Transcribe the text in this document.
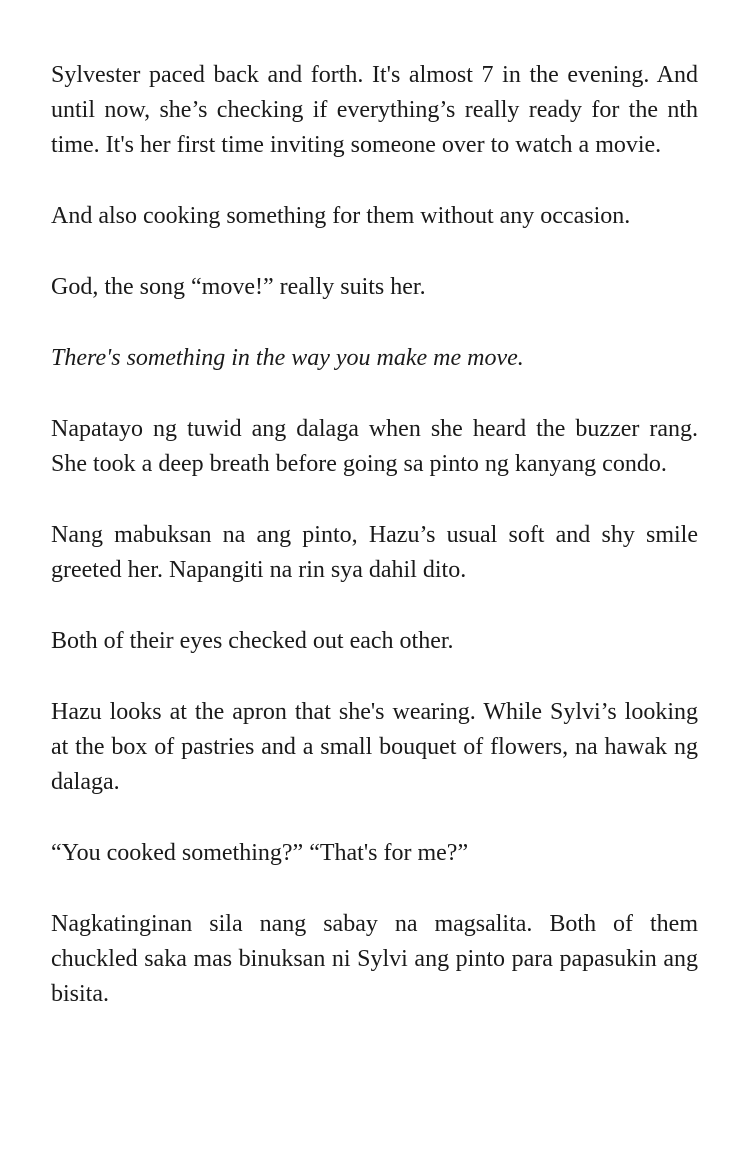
Sylvester paced back and forth. It's almost 7 in the evening. And until now, she’s checking if everything’s really ready for the nth time. It's her first time inviting someone over to watch a movie.

And also cooking something for them without any occasion.

God, the song “move!” really suits her.

There's something in the way you make me move.

Napatayo ng tuwid ang dalaga when she heard the buzzer rang. She took a deep breath before going sa pinto ng kanyang condo.

Nang mabuksan na ang pinto, Hazu’s usual soft and shy smile greeted her. Napangiti na rin sya dahil dito.

Both of their eyes checked out each other.

Hazu looks at the apron that she's wearing. While Sylvi’s looking at the box of pastries and a small bouquet of flowers, na hawak ng dalaga.

“You cooked something?” “That's for me?”

Nagkatinginan sila nang sabay na magsalita. Both of them chuckled saka mas binuksan ni Sylvi ang pinto para papasukin ang bisita.
